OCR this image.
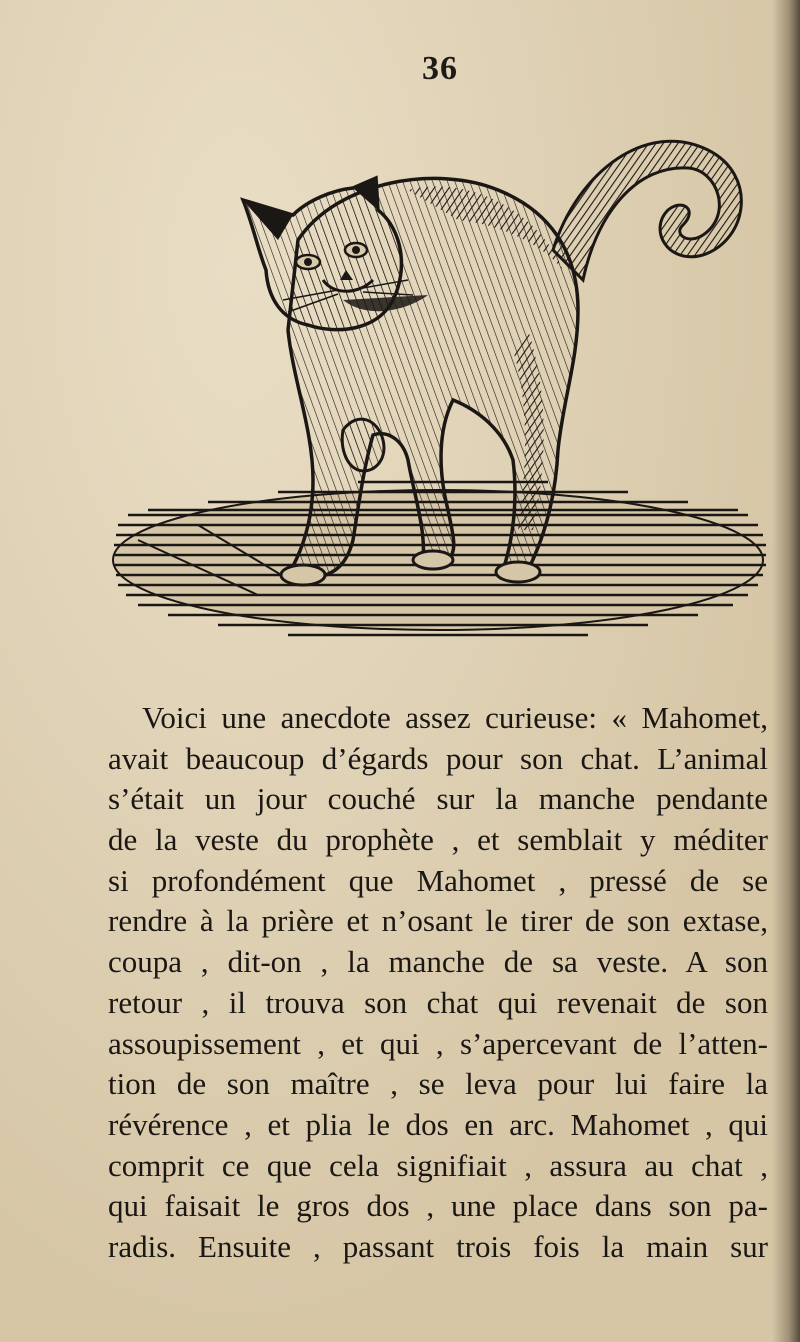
36
Voici une anecdote assez curieuse: « Mahomet,
avait beaucoup d’égards pour son chat. L’animal
s’était un jour couché sur la manche pendante
de la veste du prophète , et semblait y méditer
si profondément que Mahomet , pressé de se
rendre à la prière et n’osant le tirer de son extase,
coupa , dit-on , la manche de sa veste. A son
retour , il trouva son chat qui revenait de son
assoupissement , et qui , s’apercevant de l’atten-
tion de son maître , se leva pour lui faire la
révérence , et plia le dos en arc. Mahomet , qui
comprit ce que cela signifiait , assura au chat ,
qui faisait le gros dos , une place dans son pa-
radis. Ensuite , passant trois fois la main sur
